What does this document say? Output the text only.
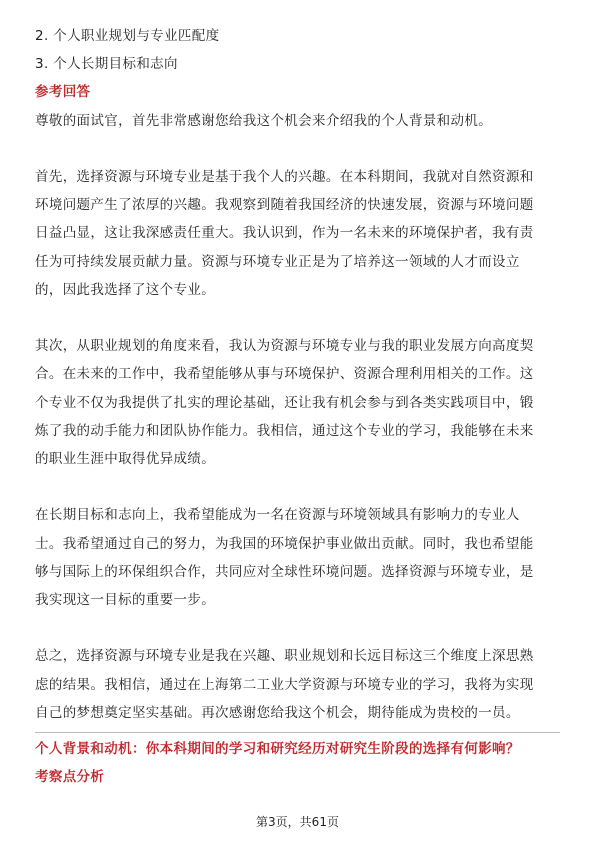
2. 个人职业规划与专业匹配度
3. 个人长期目标和志向
参考回答
尊敬的面试官，首先非常感谢您给我这个机会来介绍我的个人背景和动机。
首先，选择资源与环境专业是基于我个人的兴趣。在本科期间，我就对自然资源和
环境问题产生了浓厚的兴趣。我观察到随着我国经济的快速发展，资源与环境问题
日益凸显，这让我深感责任重大。我认识到，作为一名未来的环境保护者，我有责
任为可持续发展贡献力量。资源与环境专业正是为了培养这一领域的人才而设立
的，因此我选择了这个专业。
其次，从职业规划的角度来看，我认为资源与环境专业与我的职业发展方向高度契
合。在未来的工作中，我希望能够从事与环境保护、资源合理利用相关的工作。这
个专业不仅为我提供了扎实的理论基础，还让我有机会参与到各类实践项目中，锻
炼了我的动手能力和团队协作能力。我相信，通过这个专业的学习，我能够在未来
的职业生涯中取得优异成绩。
在长期目标和志向上，我希望能成为一名在资源与环境领域具有影响力的专业人
士。我希望通过自己的努力，为我国的环境保护事业做出贡献。同时，我也希望能
够与国际上的环保组织合作，共同应对全球性环境问题。选择资源与环境专业，是
我实现这一目标的重要一步。
总之，选择资源与环境专业是我在兴趣、职业规划和长远目标这三个维度上深思熟
虑的结果。我相信，通过在上海第二工业大学资源与环境专业的学习，我将为实现
自己的梦想奠定坚实基础。再次感谢您给我这个机会，期待能成为贵校的一员。
个人背景和动机：你本科期间的学习和研究经历对研究生阶段的选择有何影响？
考察点分析
第3页，共61页
